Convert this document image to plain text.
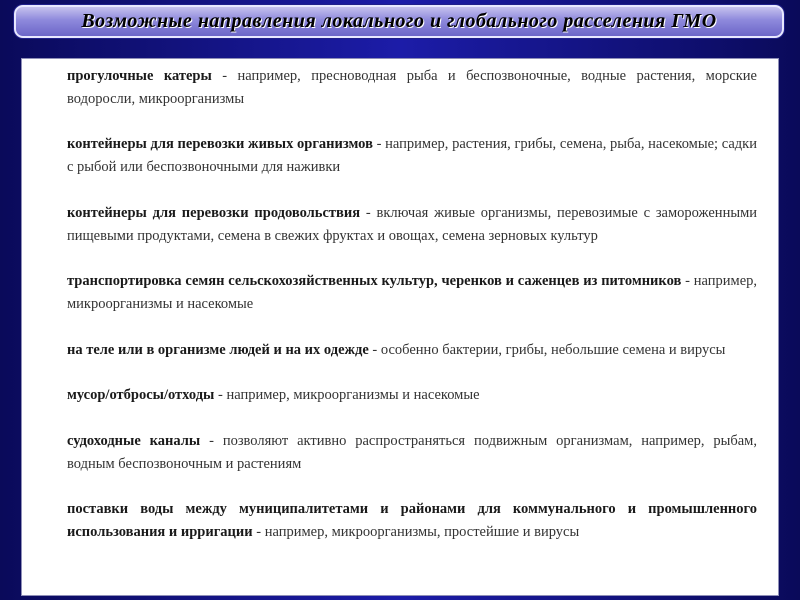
Возможные направления локального и глобального расселения ГМО

прогулочные катеры - например, пресноводная рыба и беспозвоночные, водные растения, морские водоросли, микроорганизмы

контейнеры для перевозки живых организмов - например, растения, грибы, семена, рыба, насекомые; садки с рыбой или беспозвоночными для наживки

контейнеры для перевозки продовольствия - включая живые организмы, перевозимые с замороженными пищевыми продуктами, семена в свежих фруктах и овощах, семена зерновых культур

транспортировка семян сельскохозяйственных культур, черенков и саженцев из питомников - например, микроорганизмы и насекомые

на теле или в организме людей и на их одежде - особенно бактерии, грибы, небольшие семена и вирусы

мусор/отбросы/отходы - например, микроорганизмы и насекомые

судоходные каналы - позволяют активно распространяться подвижным организмам, например, рыбам, водным беспозвоночным и растениям

поставки воды между муниципалитетами и районами для коммунального и промышленного использования и ирригации - например, микроорганизмы, простейшие и вирусы
